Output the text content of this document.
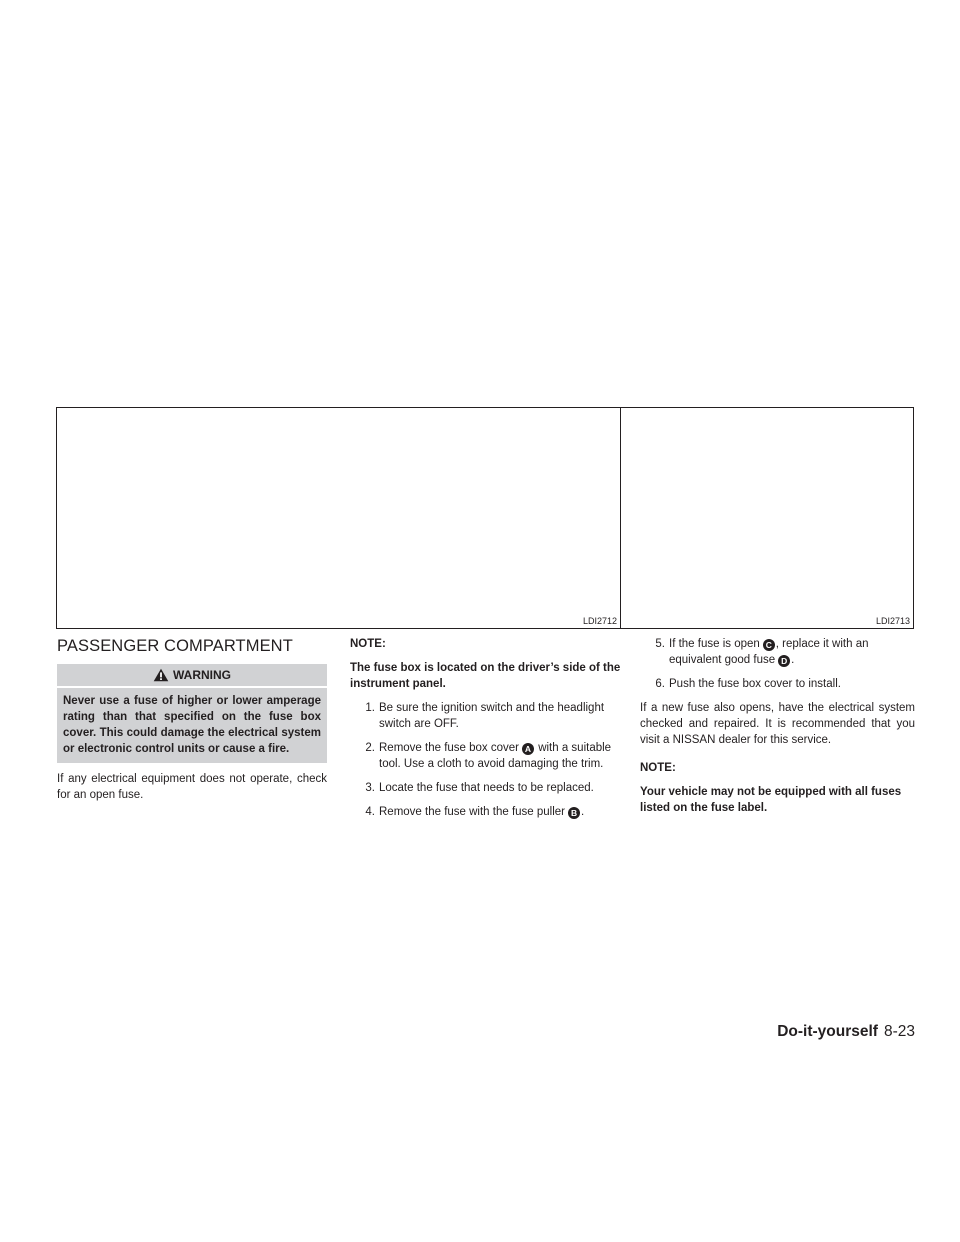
LDI2712	LDI2713
PASSENGER COMPARTMENT
WARNING
Never use a fuse of higher or lower amperage rating than that specified on the fuse box cover. This could damage the electrical system or electronic control units or cause a fire.

If any electrical equipment does not operate, check for an open fuse.

NOTE:

The fuse box is located on the driver’s side of the instrument panel.

1. Be sure the ignition switch and the headlight switch are OFF.
2. Remove the fuse box cover A with a suitable tool. Use a cloth to avoid damaging the trim.
3. Locate the fuse that needs to be replaced.
4. Remove the fuse with the fuse puller B .
5. If the fuse is open C , replace it with an equivalent good fuse D .
6. Push the fuse box cover to install.

If a new fuse also opens, have the electrical system checked and repaired. It is recommended that you visit a NISSAN dealer for this service.

NOTE:

Your vehicle may not be equipped with all fuses listed on the fuse label.

Do-it-yourself 8-23
